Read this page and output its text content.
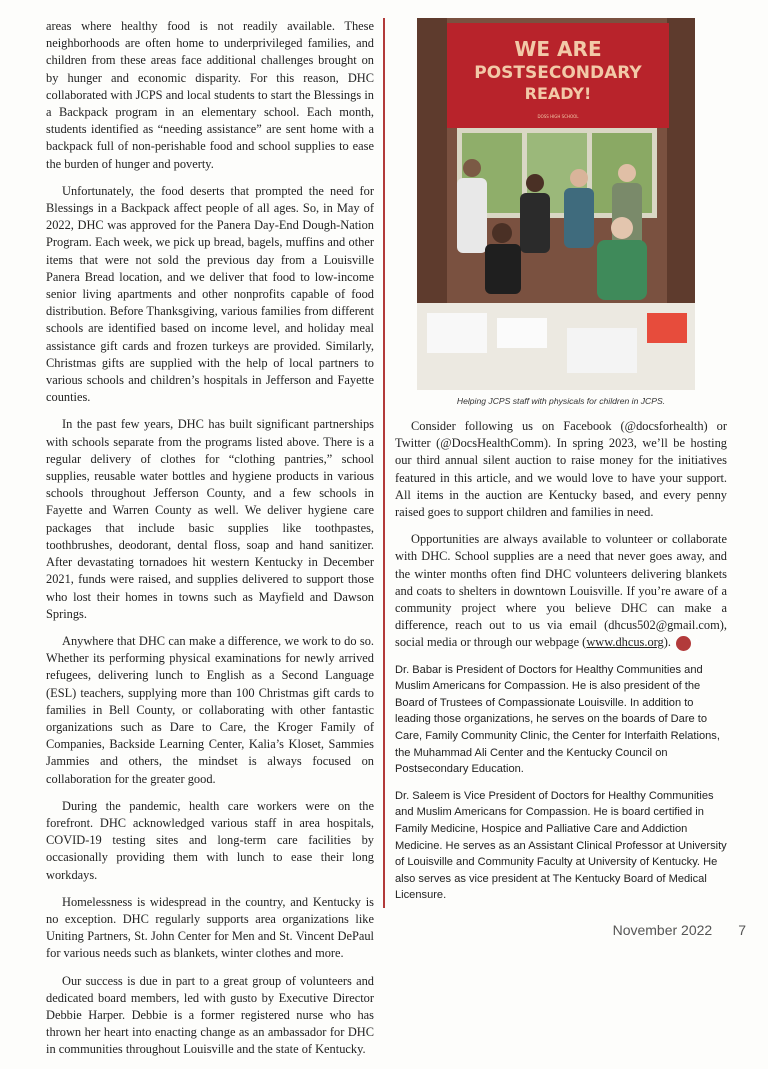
areas where healthy food is not readily available. These neighborhoods are often home to underprivileged families, and children from these areas face additional challenges brought on by hunger and economic disparity. For this reason, DHC collaborated with JCPS and local students to start the Blessings in a Backpack program in an elementary school. Each month, students identified as “needing assistance” are sent home with a backpack full of non-perishable food and school supplies to ease the burden of hunger and poverty.

Unfortunately, the food deserts that prompted the need for Blessings in a Backpack affect people of all ages. So, in May of 2022, DHC was approved for the Panera Day-End Dough-Nation Program. Each week, we pick up bread, bagels, muffins and other items that were not sold the previous day from a Louisville Panera Bread location, and we deliver that food to low-income senior living apartments and other nonprofits capable of food distribution. Before Thanksgiving, various families from different schools are identified based on income level, and holiday meal assistance gift cards and frozen turkeys are provided. Similarly, Christmas gifts are supplied with the help of local partners to various schools and children’s hospitals in Jefferson and Fayette counties.

In the past few years, DHC has built significant partnerships with schools separate from the programs listed above. There is a regular delivery of clothes for “clothing pantries,” school supplies, reusable water bottles and hygiene products in various schools throughout Jefferson County, and a few schools in Fayette and Warren County as well. We deliver hygiene care packages that include basic supplies like toothpastes, toothbrushes, deodorant, dental floss, soap and hand sanitizer. After devastating tornadoes hit western Kentucky in December 2021, funds were raised, and supplies delivered to support those who lost their homes in towns such as Mayfield and Dawson Springs.

Anywhere that DHC can make a difference, we work to do so. Whether its performing physical examinations for newly arrived refugees, delivering lunch to English as a Second Language (ESL) teachers, supplying more than 100 Christmas gift cards to families in Bell County, or collaborating with other fantastic organizations such as Dare to Care, the Kroger Family of Companies, Backside Learning Center, Kalia’s Kloset, Sammies Jammies and others, the mindset is always focused on collaboration for the greater good.

During the pandemic, health care workers were on the forefront. DHC acknowledged various staff in area hospitals, COVID-19 testing sites and long-term care facilities by occasionally providing them with lunch to ease their long workdays.

Homelessness is widespread in the country, and Kentucky is no exception. DHC regularly supports area organizations like Uniting Partners, St. John Center for Men and St. Vincent DePaul for various needs such as blankets, winter clothes and more.

Our success is due in part to a great group of volunteers and dedicated board members, led with gusto by Executive Director Debbie Harper. Debbie is a former registered nurse who has thrown her heart into enacting change as an ambassador for DHC in communities throughout Louisville and the state of Kentucky.

WE ARE
POSTSECONDARY
READY!
DOSS HIGH SCHOOL
Helping JCPS staff with physicals for children in JCPS.

Consider following us on Facebook (@docsforhealth) or Twitter (@DocsHealthComm). In spring 2023, we’ll be hosting our third annual silent auction to raise money for the initiatives featured in this article, and we would love to have your support. All items in the auction are Kentucky based, and every penny raised goes to support children and families in need.

Opportunities are always available to volunteer or collaborate with DHC. School supplies are a need that never goes away, and the winter months often find DHC volunteers delivering blankets and coats to shelters in downtown Louisville. If you’re aware of a community project where you believe DHC can make a difference, reach out to us via email (dhcus502@gmail.com), social media or through our webpage (www.dhcus.org). ⚜

Dr. Babar is President of Doctors for Healthy Communities and Muslim Americans for Compassion. He is also president of the Board of Trustees of Compassionate Louisville. In addition to leading those organizations, he serves on the boards of Dare to Care, Family Community Clinic, the Center for Interfaith Relations, the Muhammad Ali Center and the Kentucky Council on Postsecondary Education.

Dr. Saleem is Vice President of Doctors for Healthy Communities and Muslim Americans for Compassion. He is board certified in Family Medicine, Hospice and Palliative Care and Addiction Medicine. He serves as an Assistant Clinical Professor at University of Louisville and Community Faculty at University of Kentucky. He also serves as vice president at The Kentucky Board of Medical Licensure.

November 2022 7
